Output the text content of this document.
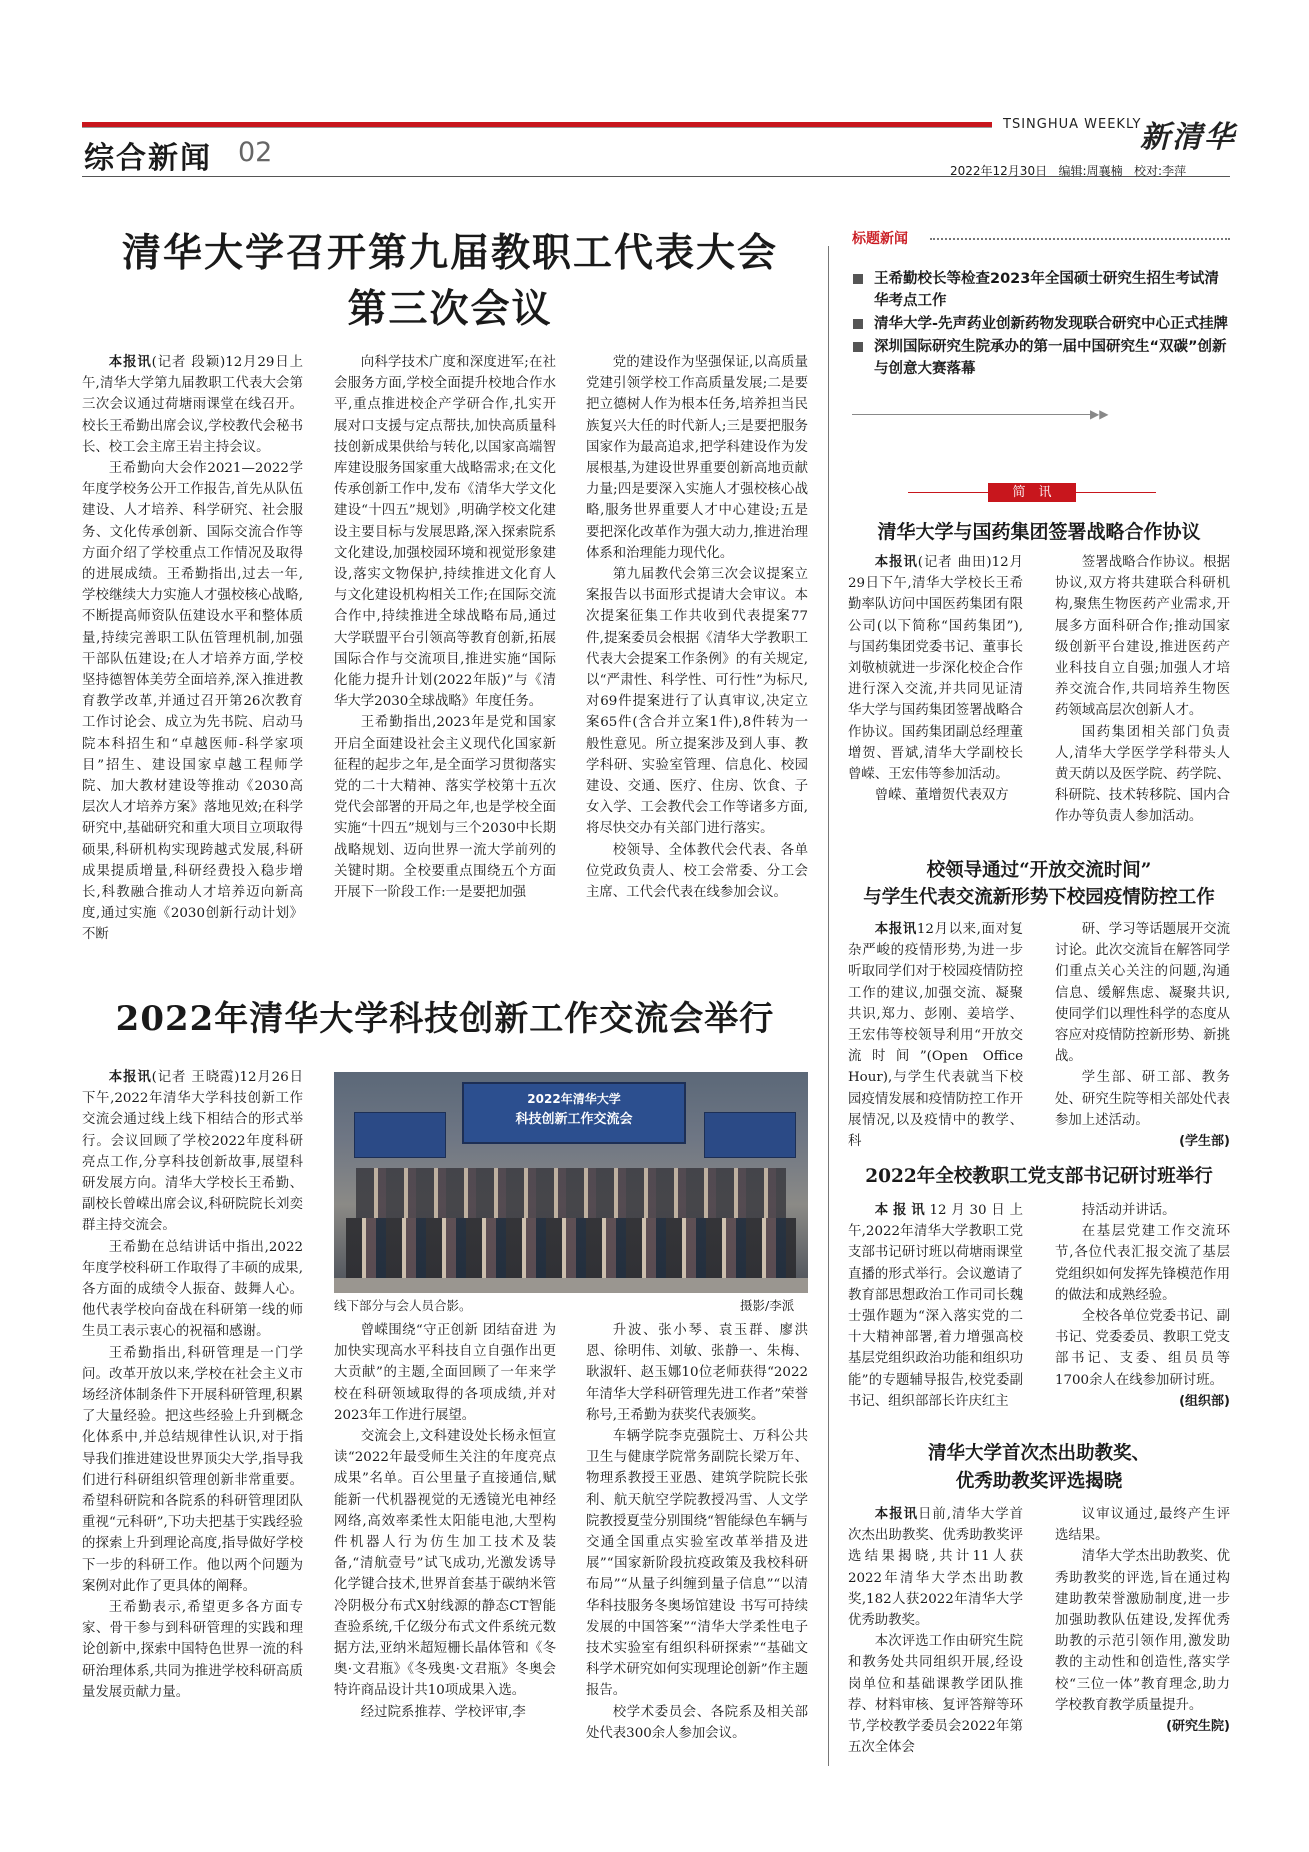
综合新闻 02
TSINGHUA WEEKLY
新清华
2022年12月30日 编辑:周襄楠 校对:李萍
清华大学召开第九届教职工代表大会
第三次会议

本报讯(记者 段颖)12月29日上午,清华大学第九届教职工代表大会第三次会议通过荷塘雨课堂在线召开。校长王希勤出席会议,学校教代会秘书长、校工会主席王岩主持会议。

王希勤向大会作2021—2022学年度学校务公开工作报告,首先从队伍建设、人才培养、科学研究、社会服务、文化传承创新、国际交流合作等方面介绍了学校重点工作情况及取得的进展成绩。王希勤指出,过去一年,学校继续大力实施人才强校核心战略,不断提高师资队伍建设水平和整体质量,持续完善职工队伍管理机制,加强干部队伍建设;在人才培养方面,学校坚持德智体美劳全面培养,深入推进教育教学改革,并通过召开第26次教育工作讨论会、成立为先书院、启动马院本科招生和“卓越医师-科学家项目”招生、建设国家卓越工程师学院、加大教材建设等推动《2030高层次人才培养方案》落地见效;在科学研究中,基础研究和重大项目立项取得硕果,科研机构实现跨越式发展,科研成果提质增量,科研经费投入稳步增长,科教融合推动人才培养迈向新高度,通过实施《2030创新行动计划》不断

向科学技术广度和深度进军;在社会服务方面,学校全面提升校地合作水平,重点推进校企产学研合作,扎实开展对口支援与定点帮扶,加快高质量科技创新成果供给与转化,以国家高端智库建设服务国家重大战略需求;在文化传承创新工作中,发布《清华大学文化建设“十四五”规划》,明确学校文化建设主要目标与发展思路,深入探索院系文化建设,加强校园环境和视觉形象建设,落实文物保护,持续推进文化育人与文化建设机构相关工作;在国际交流合作中,持续推进全球战略布局,通过大学联盟平台引领高等教育创新,拓展国际合作与交流项目,推进实施“国际化能力提升计划(2022年版)”与《清华大学2030全球战略》年度任务。

王希勤指出,2023年是党和国家开启全面建设社会主义现代化国家新征程的起步之年,是全面学习贯彻落实党的二十大精神、落实学校第十五次党代会部署的开局之年,也是学校全面实施“十四五”规划与三个2030中长期战略规划、迈向世界一流大学前列的关键时期。全校要重点围绕五个方面开展下一阶段工作:一是要把加强

党的建设作为坚强保证,以高质量党建引领学校工作高质量发展;二是要把立德树人作为根本任务,培养担当民族复兴大任的时代新人;三是要把服务国家作为最高追求,把学科建设作为发展根基,为建设世界重要创新高地贡献力量;四是要深入实施人才强校核心战略,服务世界重要人才中心建设;五是要把深化改革作为强大动力,推进治理体系和治理能力现代化。

第九届教代会第三次会议提案立案报告以书面形式提请大会审议。本次提案征集工作共收到代表提案77件,提案委员会根据《清华大学教职工代表大会提案工作条例》的有关规定,以“严肃性、科学性、可行性”为标尺,对69件提案进行了认真审议,决定立案65件(含合并立案1件),8件转为一般性意见。所立提案涉及到人事、教学科研、实验室管理、信息化、校园建设、交通、医疗、住房、饮食、子女入学、工会教代会工作等诸多方面,将尽快交办有关部门进行落实。

校领导、全体教代会代表、各单位党政负责人、校工会常委、分工会主席、工代会代表在线参加会议。

2022年清华大学科技创新工作交流会举行

本报讯(记者 王晓霞)12月26日下午,2022年清华大学科技创新工作交流会通过线上线下相结合的形式举行。会议回顾了学校2022年度科研亮点工作,分享科技创新故事,展望科研发展方向。清华大学校长王希勤、副校长曾嵘出席会议,科研院院长刘奕群主持交流会。

王希勤在总结讲话中指出,2022年度学校科研工作取得了丰硕的成果,各方面的成绩令人振奋、鼓舞人心。他代表学校向奋战在科研第一线的师生员工表示衷心的祝福和感谢。

王希勤指出,科研管理是一门学问。改革开放以来,学校在社会主义市场经济体制条件下开展科研管理,积累了大量经验。把这些经验上升到概念化体系中,并总结规律性认识,对于指导我们推进建设世界顶尖大学,指导我们进行科研组织管理创新非常重要。希望科研院和各院系的科研管理团队重视“元科研”,下功夫把基于实践经验的探索上升到理论高度,指导做好学校下一步的科研工作。他以两个问题为案例对此作了更具体的阐释。

王希勤表示,希望更多各方面专家、骨干参与到科研管理的实践和理论创新中,探索中国特色世界一流的科研治理体系,共同为推进学校科研高质量发展贡献力量。

2022年清华大学
科技创新工作交流会
线下部分与会人员合影。	摄影/李派

曾嵘围绕“守正创新 团结奋进 为加快实现高水平科技自立自强作出更大贡献”的主题,全面回顾了一年来学校在科研领域取得的各项成绩,并对2023年工作进行展望。

交流会上,文科建设处长杨永恒宣读“2022年最受师生关注的年度亮点成果”名单。百公里量子直接通信,赋能新一代机器视觉的无透镜光电神经网络,高效率柔性太阳能电池,大型构件机器人行为仿生加工技术及装备,“清航壹号”试飞成功,光激发诱导化学键合技术,世界首套基于碳纳米管冷阴极分布式X射线源的静态CT智能查验系统,千亿级分布式文件系统元数据方法,亚纳米超短栅长晶体管和《冬奥·文君瓶》《冬残奥·文君瓶》冬奥会特许商品设计共10项成果入选。

经过院系推荐、学校评审,李

升波、张小琴、袁玉群、廖洪恩、徐明伟、刘敏、张静一、朱梅、耿淑轩、赵玉娜10位老师获得“2022年清华大学科研管理先进工作者”荣誉称号,王希勤为获奖代表颁奖。

车辆学院李克强院士、万科公共卫生与健康学院常务副院长梁万年、物理系教授王亚愚、建筑学院院长张利、航天航空学院教授冯雪、人文学院教授夏莹分别围绕“智能绿色车辆与交通全国重点实验室改革举措及进展”“国家新阶段抗疫政策及我校科研布局”“从量子纠缠到量子信息”“以清华科技服务冬奥场馆建设 书写可持续发展的中国答案”“清华大学柔性电子技术实验室有组织科研探索”“基础文科学术研究如何实现理论创新”作主题报告。

校学术委员会、各院系及相关部处代表300余人参加会议。

标题新闻
王希勤校长等检查2023年全国硕士研究生招生考试清华考点工作
清华大学-先声药业创新药物发现联合研究中心正式挂牌
深圳国际研究生院承办的第一届中国研究生“双碳”创新与创意大赛落幕
▶▶
简　讯
清华大学与国药集团签署战略合作协议

本报讯(记者 曲田)12月29日下午,清华大学校长王希勤率队访问中国医药集团有限公司(以下简称“国药集团”),与国药集团党委书记、董事长刘敬桢就进一步深化校企合作进行深入交流,并共同见证清华大学与国药集团签署战略合作协议。国药集团副总经理董增贺、晋斌,清华大学副校长曾嵘、王宏伟等参加活动。

曾嵘、董增贺代表双方

签署战略合作协议。根据协议,双方将共建联合科研机构,聚焦生物医药产业需求,开展多方面科研合作;推动国家级创新平台建设,推进医药产业科技自立自强;加强人才培养交流合作,共同培养生物医药领域高层次创新人才。

国药集团相关部门负责人,清华大学医学学科带头人黄天荫以及医学院、药学院、科研院、技术转移院、国内合作办等负责人参加活动。

校领导通过“开放交流时间”
与学生代表交流新形势下校园疫情防控工作

本报讯12月以来,面对复杂严峻的疫情形势,为进一步听取同学们对于校园疫情防控工作的建议,加强交流、凝聚共识,郑力、彭刚、姜培学、王宏伟等校领导利用“开放交流时间”(Open Office Hour),与学生代表就当下校园疫情发展和疫情防控工作开展情况,以及疫情中的教学、科

研、学习等话题展开交流讨论。此次交流旨在解答同学们重点关心关注的问题,沟通信息、缓解焦虑、凝聚共识,使同学们以理性科学的态度从容应对疫情防控新形势、新挑战。

学生部、研工部、教务处、研究生院等相关部处代表参加上述活动。

(学生部)
2022年全校教职工党支部书记研讨班举行

本报讯12月30日上午,2022年清华大学教职工党支部书记研讨班以荷塘雨课堂直播的形式举行。会议邀请了教育部思想政治工作司司长魏士强作题为“深入落实党的二十大精神部署,着力增强高校基层党组织政治功能和组织功能”的专题辅导报告,校党委副书记、组织部部长许庆红主

持活动并讲话。

在基层党建工作交流环节,各位代表汇报交流了基层党组织如何发挥先锋模范作用的做法和成熟经验。

全校各单位党委书记、副书记、党委委员、教职工党支部书记、支委、组员员等1700余人在线参加研讨班。

(组织部)
清华大学首次杰出助教奖、
优秀助教奖评选揭晓

本报讯日前,清华大学首次杰出助教奖、优秀助教奖评选结果揭晓,共计11人获2022年清华大学杰出助教奖,182人获2022年清华大学优秀助教奖。

本次评选工作由研究生院和教务处共同组织开展,经设岗单位和基础课教学团队推荐、材料审核、复评答辩等环节,学校教学委员会2022年第五次全体会

议审议通过,最终产生评选结果。

清华大学杰出助教奖、优秀助教奖的评选,旨在通过构建助教荣誉激励制度,进一步加强助教队伍建设,发挥优秀助教的示范引领作用,激发助教的主动性和创造性,落实学校“三位一体”教育理念,助力学校教育教学质量提升。

(研究生院)
